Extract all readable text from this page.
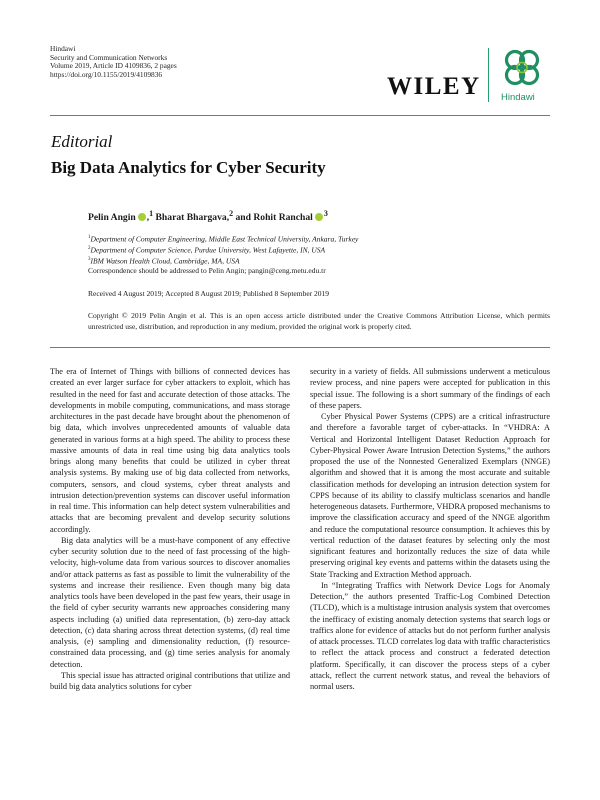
Hindawi
Security and Communication Networks
Volume 2019, Article ID 4109836, 2 pages
https://doi.org/10.1155/2019/4109836	WILEY Hindawi
Editorial
Big Data Analytics for Cyber Security
Pelin Angin ,$^1$ Bharat Bhargava,$^2$ and Rohit Ranchal $^3$
$^1$Department of Computer Engineering, Middle East Technical University, Ankara, Turkey
$^2$Department of Computer Science, Purdue University, West Lafayette, IN, USA
$^3$IBM Watson Health Cloud, Cambridge, MA, USA
Correspondence should be addressed to Pelin Angin; pangin@ceng.metu.edu.tr
Received 4 August 2019; Accepted 8 August 2019; Published 8 September 2019
Copyright © 2019 Pelin Angin et al. This is an open access article distributed under the Creative Commons Attribution License, which permits unrestricted use, distribution, and reproduction in any medium, provided the original work is properly cited.

The era of Internet of Things with billions of connected devices has created an ever larger surface for cyber attackers to exploit, which has resulted in the need for fast and accurate detection of those attacks. The developments in mobile computing, communications, and mass storage architectures in the past decade have brought about the phenomenon of big data, which involves unprecedented amounts of valuable data generated in various forms at a high speed. The ability to process these massive amounts of data in real time using big data analytics tools brings along many benefits that could be utilized in cyber threat analysis systems. By making use of big data collected from networks, computers, sensors, and cloud systems, cyber threat analysts and intrusion detection/prevention systems can discover useful information in real time. This information can help detect system vulnerabilities and attacks that are becoming prevalent and develop security solutions accordingly.

Big data analytics will be a must-have component of any effective cyber security solution due to the need of fast processing of the high-velocity, high-volume data from various sources to discover anomalies and/or attack patterns as fast as possible to limit the vulnerability of the systems and increase their resilience. Even though many big data analytics tools have been developed in the past few years, their usage in the field of cyber security warrants new approaches considering many aspects including (a) unified data representation, (b) zero-day attack detection, (c) data sharing across threat detection systems, (d) real time analysis, (e) sampling and dimensionality reduction, (f) resource-constrained data processing, and (g) time series analysis for anomaly detection.

This special issue has attracted original contributions that utilize and build big data analytics solutions for cyber

security in a variety of fields. All submissions underwent a meticulous review process, and nine papers were accepted for publication in this special issue. The following is a short summary of the findings of each of these papers.

Cyber Physical Power Systems (CPPS) are a critical infrastructure and therefore a favorable target of cyber-attacks. In “VHDRA: A Vertical and Horizontal Intelligent Dataset Reduction Approach for Cyber-Physical Power Aware Intrusion Detection Systems,” the authors proposed the use of the Nonnested Generalized Exemplars (NNGE) algorithm and showed that it is among the most accurate and suitable classification methods for developing an intrusion detection system for CPPS because of its ability to classify multiclass scenarios and handle heterogeneous datasets. Furthermore, VHDRA proposed mechanisms to improve the classification accuracy and speed of the NNGE algorithm and reduce the computational resource consumption. It achieves this by vertical reduction of the dataset features by selecting only the most significant features and horizontally reduces the size of data while preserving original key events and patterns within the datasets using the State Tracking and Extraction Method approach.

In “Integrating Traffics with Network Device Logs for Anomaly Detection,” the authors presented Traffic-Log Combined Detection (TLCD), which is a multistage intrusion analysis system that overcomes the inefficacy of existing anomaly detection systems that search logs or traffics alone for evidence of attacks but do not perform further analysis of attack processes. TLCD correlates log data with traffic characteristics to reflect the attack process and construct a federated detection platform. Specifically, it can discover the process steps of a cyber attack, reflect the current network status, and reveal the behaviors of normal users.
